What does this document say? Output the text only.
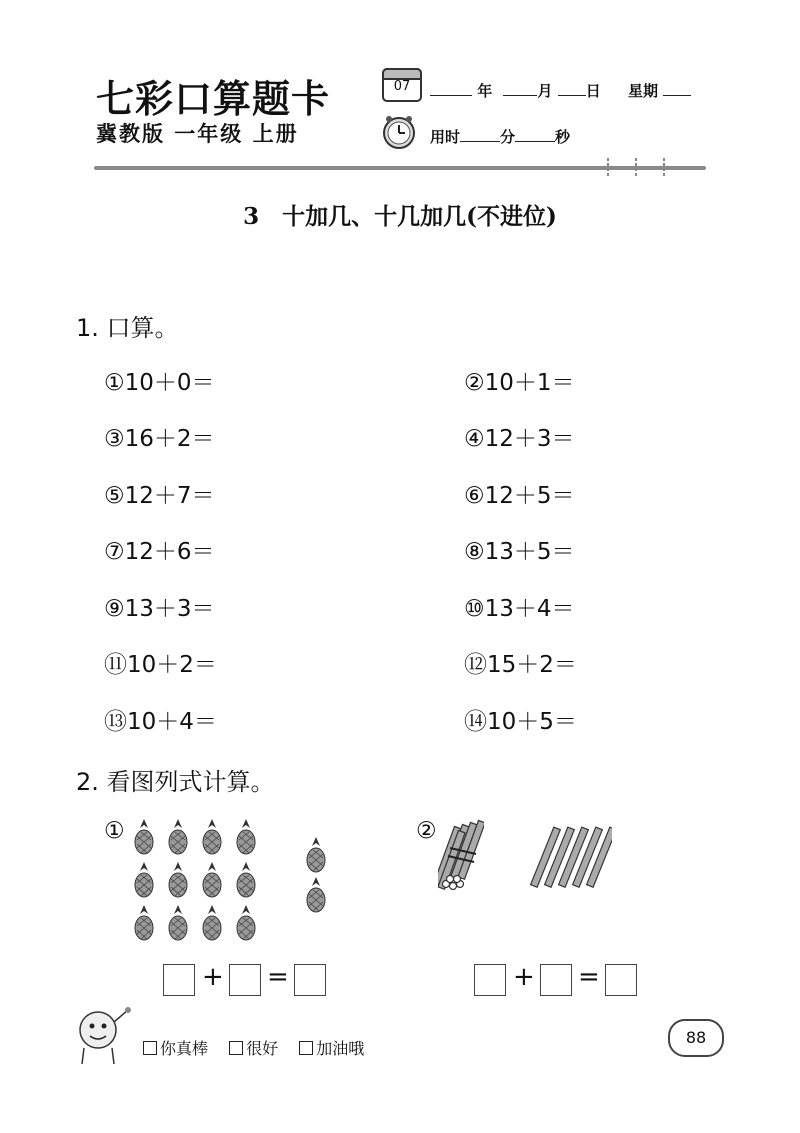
七彩口算题卡
冀教版 一年级 上册
07	年	月 日 星期
用时	分	秒
3　十加几、十几加几(不进位)
1. 口算。
①10＋0＝	②10＋1＝
③16＋2＝	④12＋3＝
⑤12＋7＝	⑥12＋5＝
⑦12＋6＝	⑧13＋5＝
⑨13＋3＝	⑩13＋4＝
⑪10＋2＝	⑫15＋2＝
⑬10＋4＝	⑭10＋5＝
2. 看图列式计算。
①	②
+ =	+ =
你真棒 很好 加油哦
88
